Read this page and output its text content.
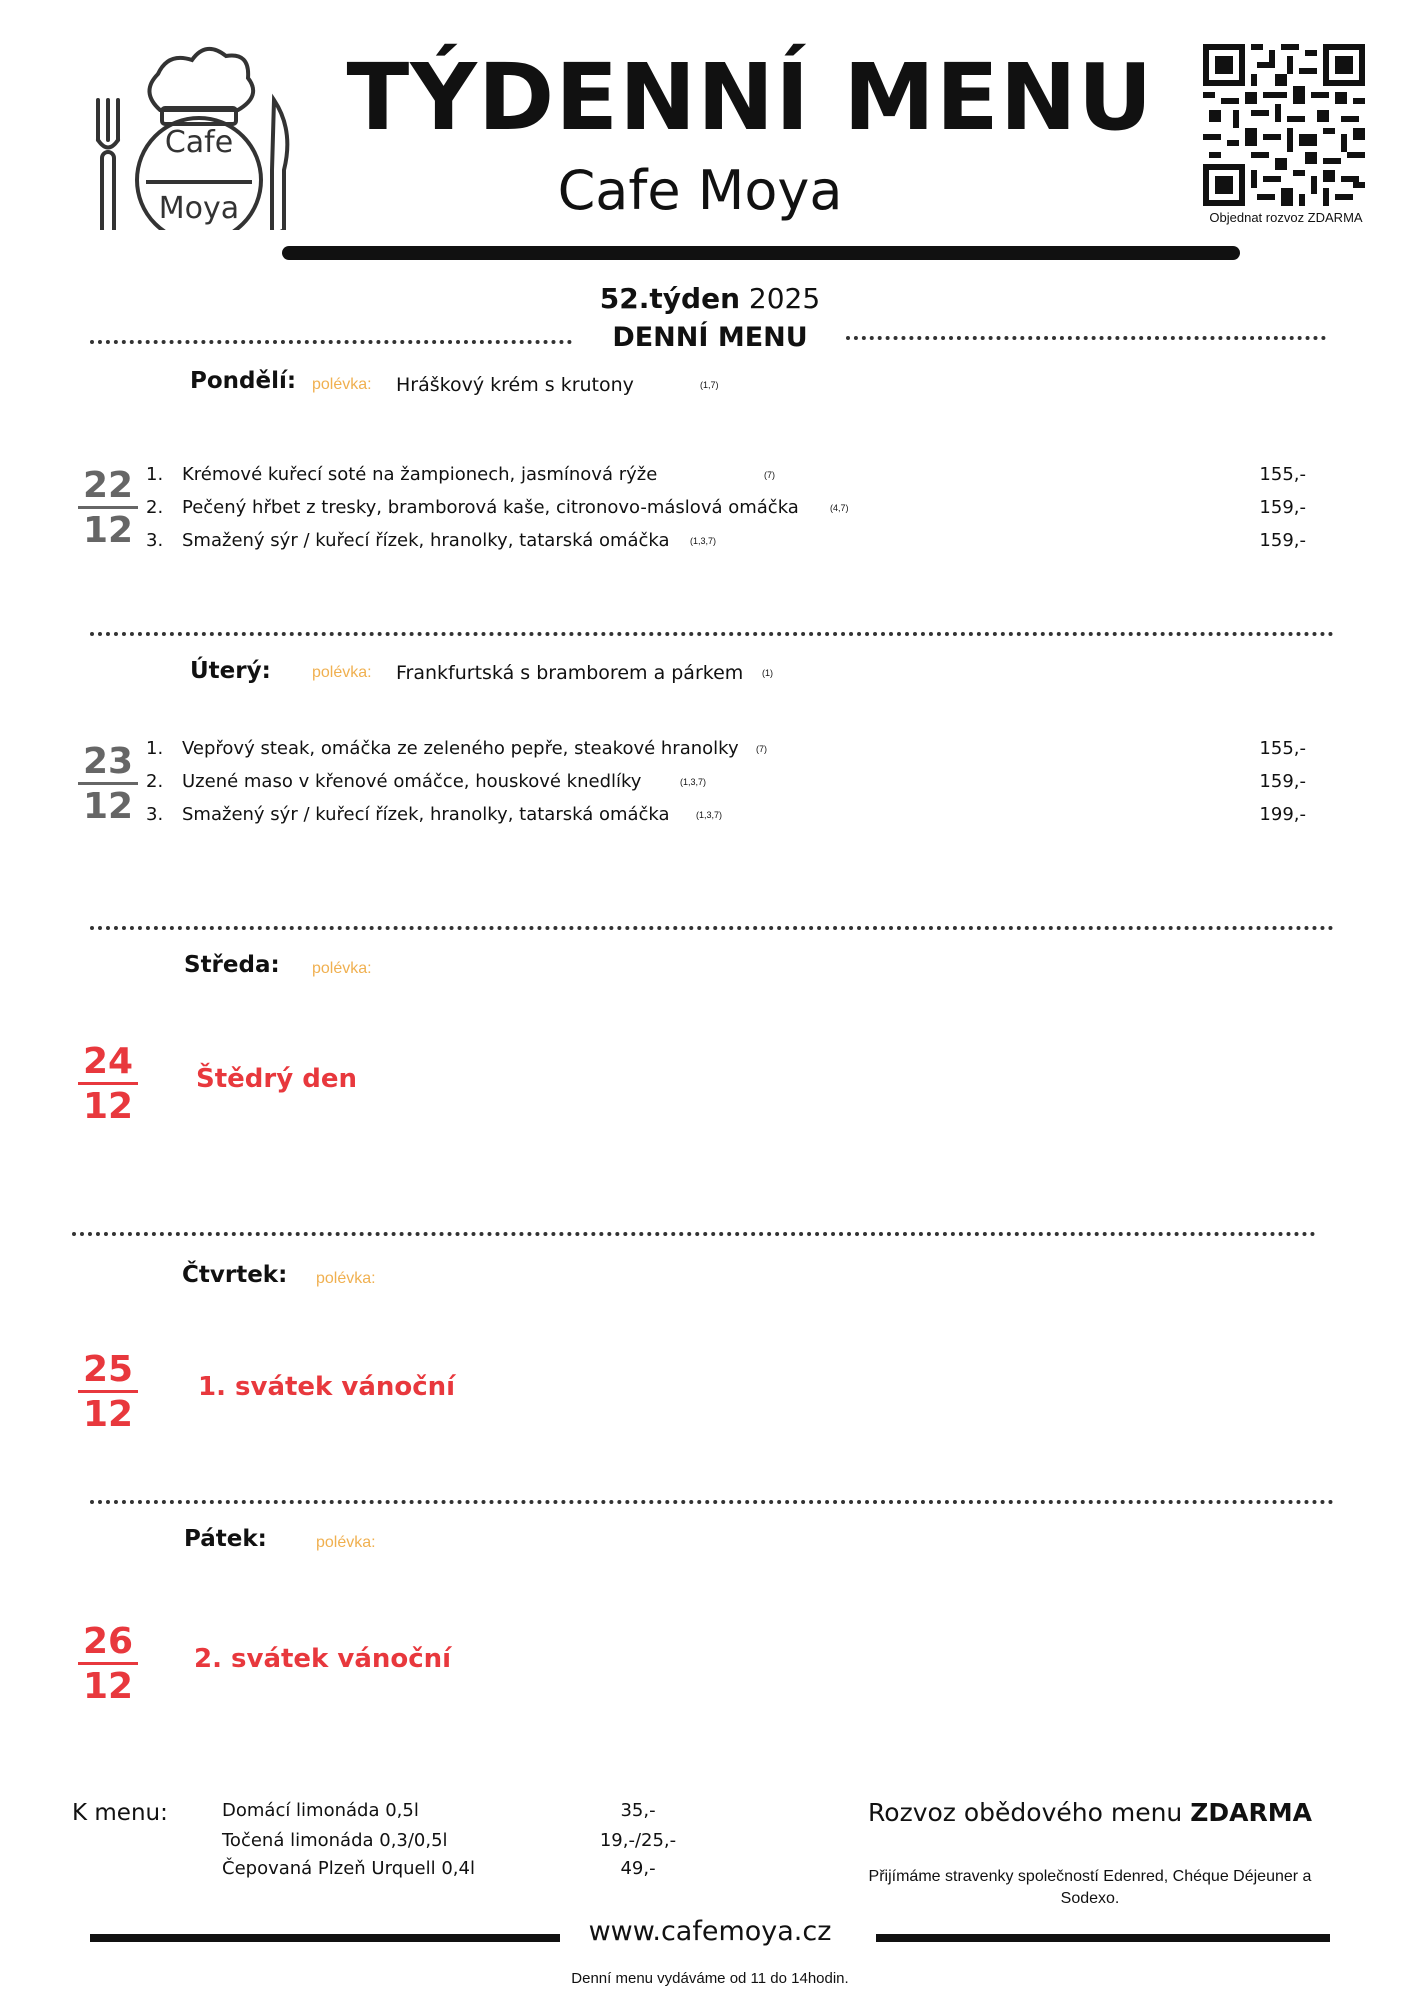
Cafe
Moya
TÝDENNÍ MENU
Cafe Moya	Objednat rozvoz ZDARMA
52.týden 2025
DENNÍ MENU
Pondělí: polévka: Hráškový krém s krutony	(1,7)
22
12
1. Krémové kuřecí soté na žampionech, jasmínová rýže	(7)	155,-
2. Pečený hřbet z tresky, bramborová kaše, citronovo-máslová omáčka	(4,7)	159,-
3. Smažený sýr / kuřecí řízek, hranolky, tatarská omáčka (1,3,7)	159,-
Úterý:	polévka: Frankfurtská s bramborem a párkem (1)
23
12
1. Vepřový steak, omáčka ze zeleného pepře, steakové hranolky (7)	155,-
2. Uzené maso v křenové omáčce, houskové knedlíky	(1,3,7)	159,-
3. Smažený sýr / kuřecí řízek, hranolky, tatarská omáčka	(1,3,7)	199,-
Středa: polévka:
24
12
Štědrý den
Čtvrtek: polévka:
25
12
1. svátek vánoční
Pátek:	polévka:
26
12
2. svátek vánoční
K menu:	Domácí limonáda 0,5l	35,-
Točená limonáda 0,3/0,5l	19,-/25,-
Čepovaná Plzeň Urquell 0,4l	49,-
Rozvoz obědového menu ZDARMA
Přijímáme stravenky společností Edenred, Chéque Déjeuner a Sodexo.
www.cafemoya.cz
Denní menu vydáváme od 11 do 14hodin.
